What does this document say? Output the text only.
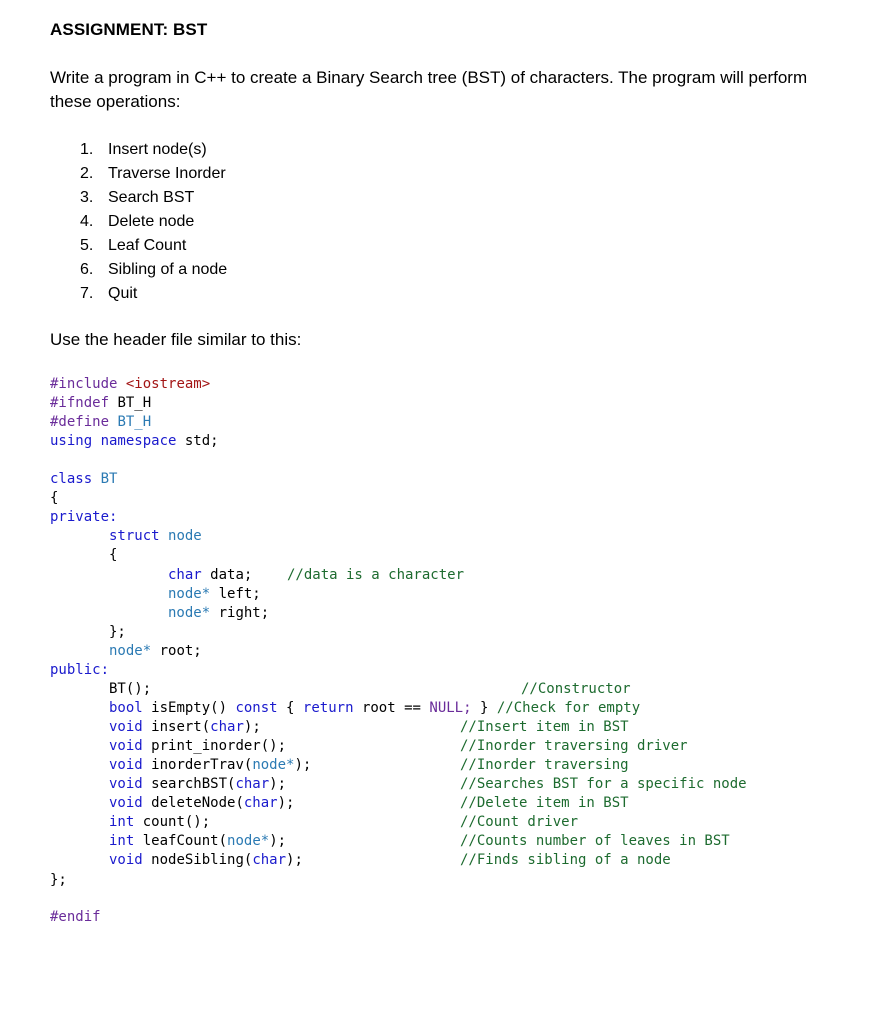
ASSIGNMENT: BST
Write a program in C++ to create a Binary Search tree (BST) of characters. The program will perform these operations:
1. Insert node(s)
2. Traverse Inorder
3. Search BST
4. Delete node
5. Leaf Count
6. Sibling of a node
7. Quit
Use the header file similar to this:
#include <iostream>
#ifndef BT_H
#define BT_H
using namespace std;
class BT
{
private:
struct node
{
char data; //data is a character
node* left;
node* right;
};
node* root;
public:
BT();	//Constructor
bool isEmpty() const { return root == NULL; } //Check for empty
void insert(char);	//Insert item in BST
void print_inorder();	//Inorder traversing driver
void inorderTrav(node*);	//Inorder traversing
void searchBST(char);	//Searches BST for a specific node
void deleteNode(char);	//Delete item in BST
int count();	//Count driver
int leafCount(node*);	//Counts number of leaves in BST
void nodeSibling(char);	//Finds sibling of a node
};
#endif
